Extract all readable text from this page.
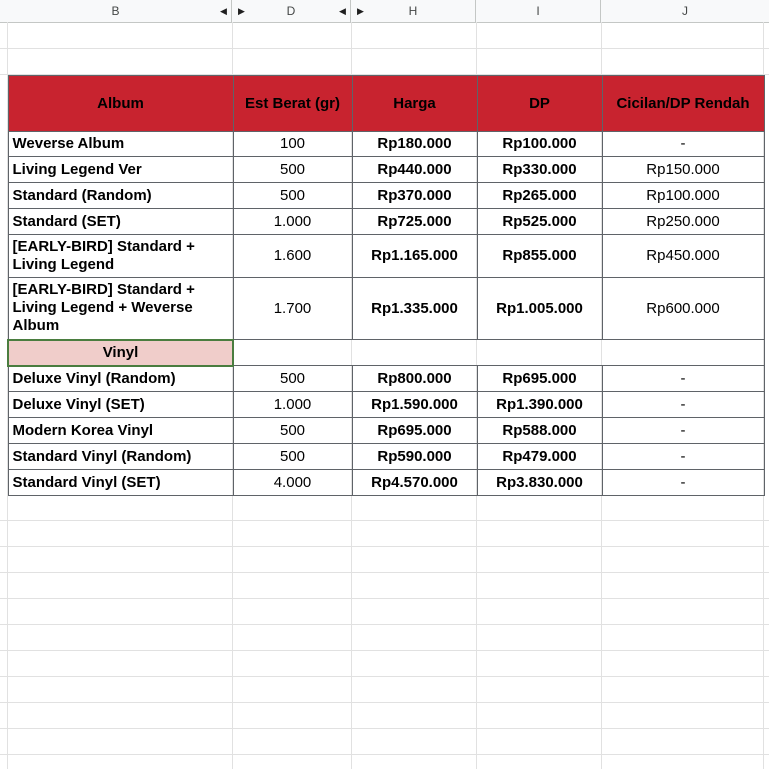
B	◀ ▶	D	◀ ▶	H	I	J
Album	Est Berat (gr)	Harga	DP	Cicilan/DP Rendah
Weverse Album	100	Rp180.000	Rp100.000	-
Living Legend Ver	500	Rp440.000	Rp330.000	Rp150.000
Standard (Random)	500	Rp370.000	Rp265.000	Rp100.000
Standard (SET)	1.000	Rp725.000	Rp525.000	Rp250.000
[EARLY-BIRD] Standard +
Living Legend	1.600	Rp1.165.000	Rp855.000	Rp450.000
[EARLY-BIRD] Standard +
Living Legend + Weverse
Album	1.700	Rp1.335.000	Rp1.005.000	Rp600.000
Vinyl				
Deluxe Vinyl (Random)	500	Rp800.000	Rp695.000	-
Deluxe Vinyl (SET)	1.000	Rp1.590.000	Rp1.390.000	-
Modern Korea Vinyl	500	Rp695.000	Rp588.000	-
Standard Vinyl (Random)	500	Rp590.000	Rp479.000	-
Standard Vinyl (SET)	4.000	Rp4.570.000	Rp3.830.000	-
